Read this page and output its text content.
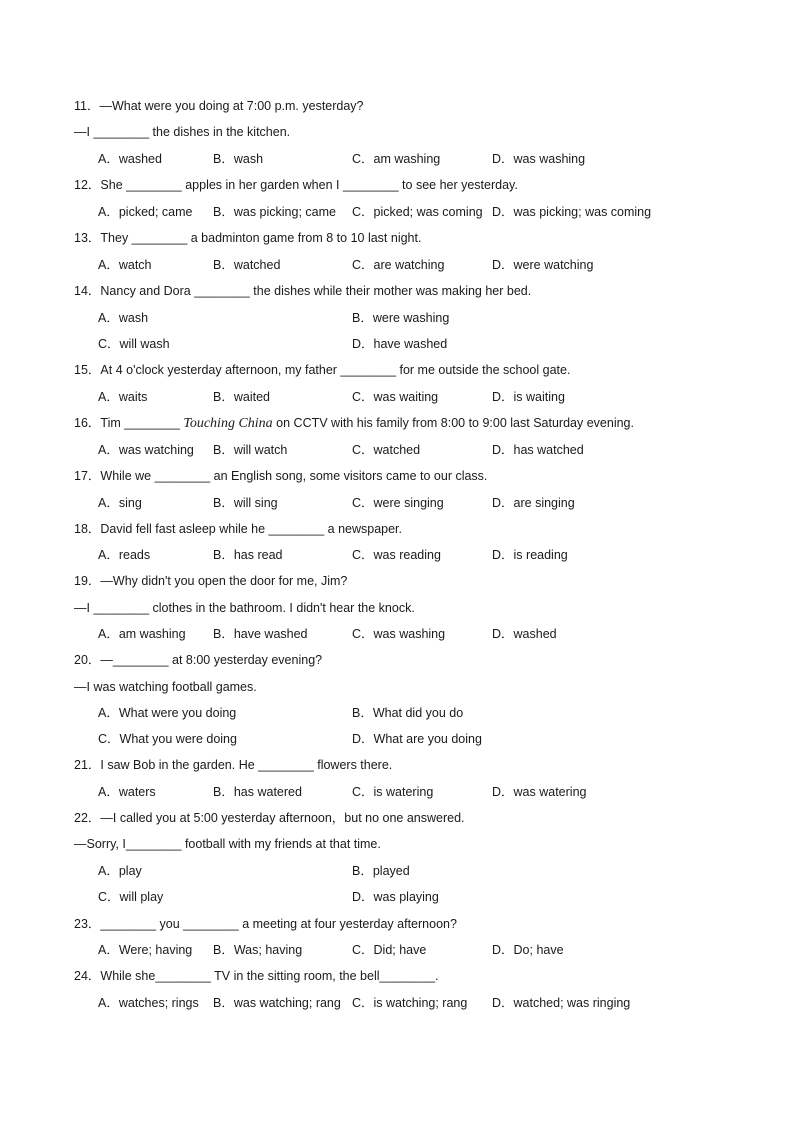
11．—What were you doing at 7:00 p.m. yesterday?
—I ________ the dishes in the kitchen.
A．washed	B．wash	C．am washing	D．was washing
12．She ________ apples in her garden when I ________ to see her yesterday.
A．picked; came B．was picking; came C．picked; was coming D．was picking; was coming
13．They ________ a badminton game from 8 to 10 last night.
A．watch	B．watched	C．are watching	D．were watching
14．Nancy and Dora ________ the dishes while their mother was making her bed.
A．wash	B．were washing
C．will wash	D．have washed
15．At 4 o'clock yesterday afternoon, my father ________ for me outside the school gate.
A．waits	B．waited	C．was waiting	D．is waiting
16．Tim ________ Touching China on CCTV with his family from 8:00 to 9:00 last Saturday evening.
A．was watching B．will watch	C．watched	D．has watched
17．While we ________ an English song, some visitors came to our class.
A．sing	B．will sing	C．were singing	D．are singing
18．David fell fast asleep while he ________ a newspaper.
A．reads	B．has read	C．was reading	D．is reading
19．—Why didn't you open the door for me, Jim?
—I ________ clothes in the bathroom. I didn't hear the knock.
A．am washing B．have washed	C．was washing	D．washed
20．—________ at 8:00 yesterday evening?
—I was watching football games.
A．What were you doing	B．What did you do
C．What you were doing	D．What are you doing
21．I saw Bob in the garden. He ________ flowers there.
A．waters	B．has watered	C．is watering	D．was watering
22．—I called you at 5:00 yesterday afternoon，but no one answered.
—Sorry, I________ football with my friends at that time.
A．play	B．played
C．will play	D．was playing
23．________ you ________ a meeting at four yesterday afternoon?
A．Were; having B．Was; having	C．Did; have	D．Do; have
24．While she________ TV in the sitting room, the bell________.
A．watches; rings B．was watching; rang C．is watching; rang D．watched; was ringing
